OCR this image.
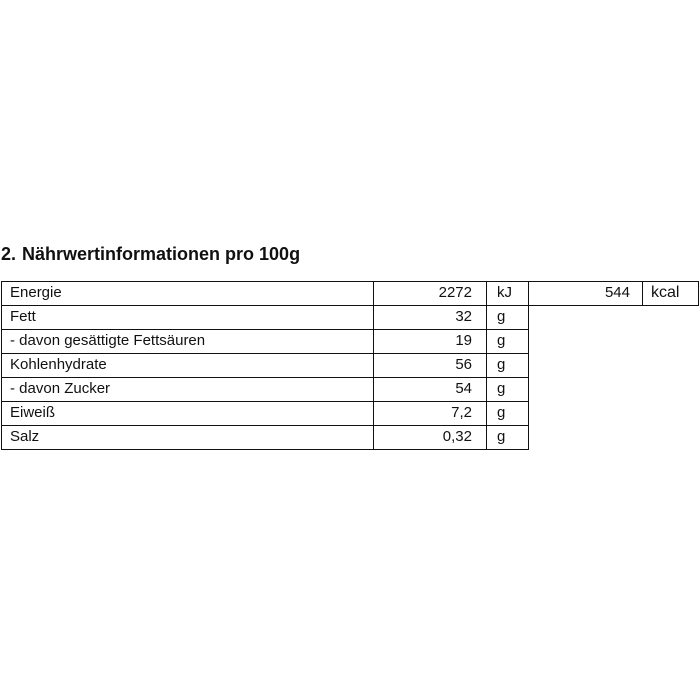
2. Nährwertinformationen pro 100g
Energie	2272	kJ	544	kcal
Fett	32	g
- davon gesättigte Fettsäuren	19	g
Kohlenhydrate	56	g
- davon Zucker	54	g
Eiweiß	7,2	g
Salz	0,32	g
